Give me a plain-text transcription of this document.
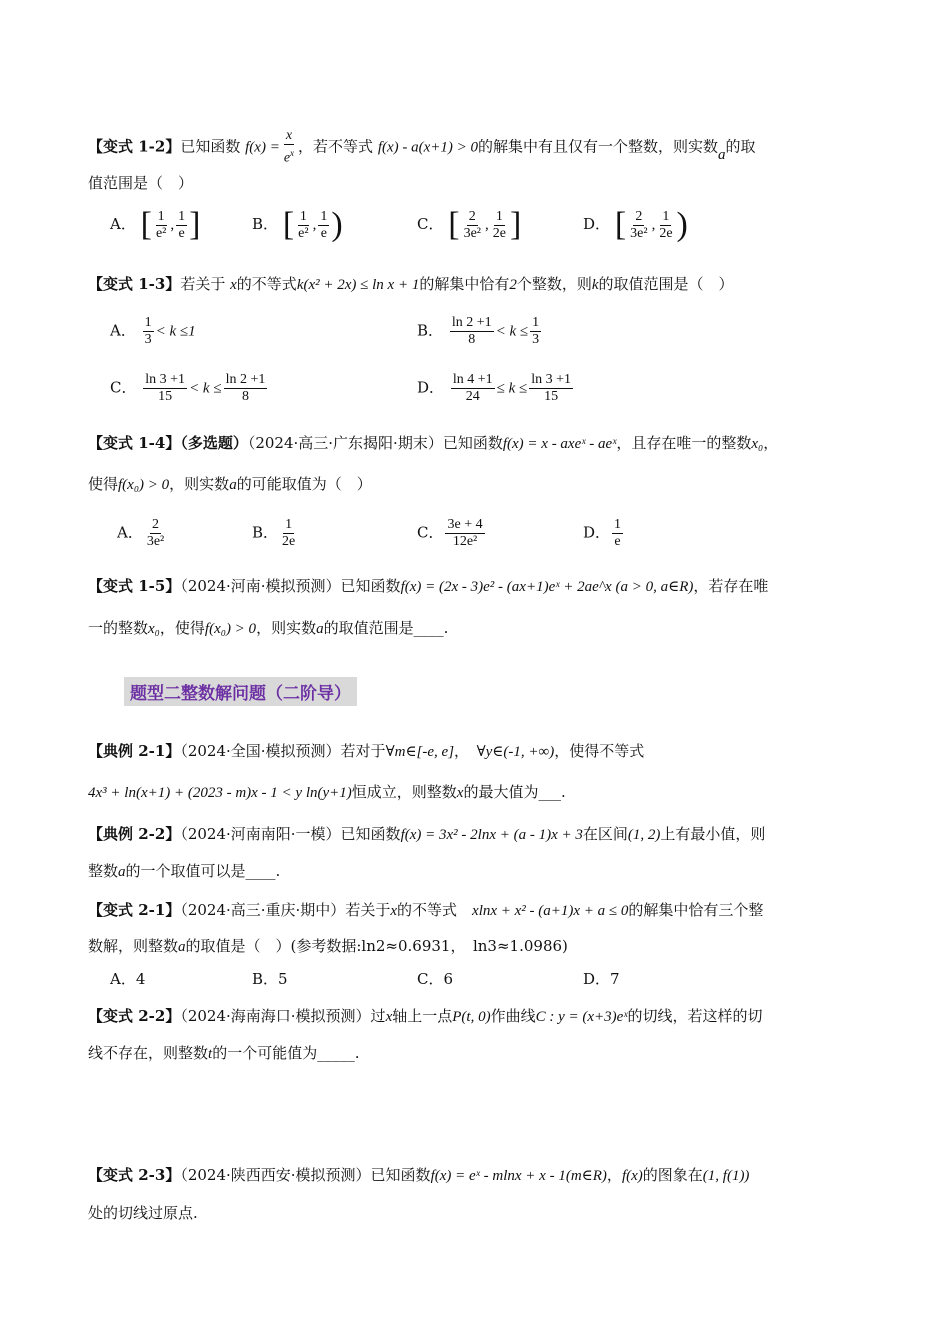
【变式 1-2】已知函数 $f(x) = \frac{x}{e^x}$ ，若不等式 f(x) - a(x+1) > 0的解集中有且仅有一个整数，则实数a的取
值范围是（　）
A． [ $\frac{1}{\text{e²}}$ , $\frac{1}{e}$ ]	B． [ $\frac{1}{\text{e²}}$ , $\frac{1}{e}$ )	C． [ $\frac{2}{\text{3e²}}$ , $\frac{1}{2e}$ ]	D． [ $\frac{2}{\text{3e²}}$ , $\frac{1}{2e}$ )
【变式 1-3】若关于 x的不等式k(x² + 2x) ≤ ln x + 1的解集中恰有2个整数，则k的取值范围是（　）
A． $\frac{1}{3} < k \le 1$	B． $\frac{\ln 2 +1}{8} < k \le \frac{1}{3}$
C． $\frac{\ln 3 +1}{15} < k \le \frac{\ln 2 +1}{8}$	D． $\frac{\ln 4 +1}{24} \le k \le \frac{\ln 3 +1}{15}$
【变式 1-4】（多选题）（2024·高三·广东揭阳·期末）已知函数f(x) = x - axeˣ - aeˣ，且存在唯一的整数x₀，
使得f(x₀) > 0，则实数a的可能取值为（　）
A． $\frac{2}{\text{3e²}}$	B． $\frac{1}{2e}$	C． $\frac{3e + 4}{\text{12e²}}$	D． $\frac{1}{e}$
【变式 1-5】（2024·河南·模拟预测）已知函数f(x) = (2x - 3)e² - (ax+1)eˣ + 2ae^x (a > 0, a∈R)，若存在唯
一的整数x₀，使得f(x₀) > 0，则实数a的取值范围是____.
题型二整数解问题（二阶导）
【典例 2-1】（2024·全国·模拟预测）若对于∀m∈[-e, e]，　 ∀y∈(-1, +∞)，使得不等式
4x³ + ln(x+1) + (2023 - m)x - 1 < y ln(y+1)恒成立，则整数x的最大值为___.
【典例 2-2】（2024·河南南阳·一模）已知函数f(x) = 3x² - 2lnx + (a - 1)x + 3在区间(1, 2)上有最小值，则
整数a的一个取值可以是____.
【变式 2-1】（2024·高三·重庆·期中）若关于x的不等式　 xlnx + x² - (a+1)x + a ≤ 0的解集中恰有三个整
数解，则整数a的取值是（　）(参考数据:ln2≈0.6931，　ln3≈1.0986)
A．4	B．5	C．6	D．7
【变式 2-2】（2024·海南海口·模拟预测）过x轴上一点P(t, 0)作曲线C : y = (x+3)eˣ的切线，若这样的切
线不存在，则整数t的一个可能值为_____.
【变式 2-3】（2024·陕西西安·模拟预测）已知函数f(x) = eˣ - mlnx + x - 1(m∈R)，f(x)的图象在(1, f(1))
处的切线过原点.
